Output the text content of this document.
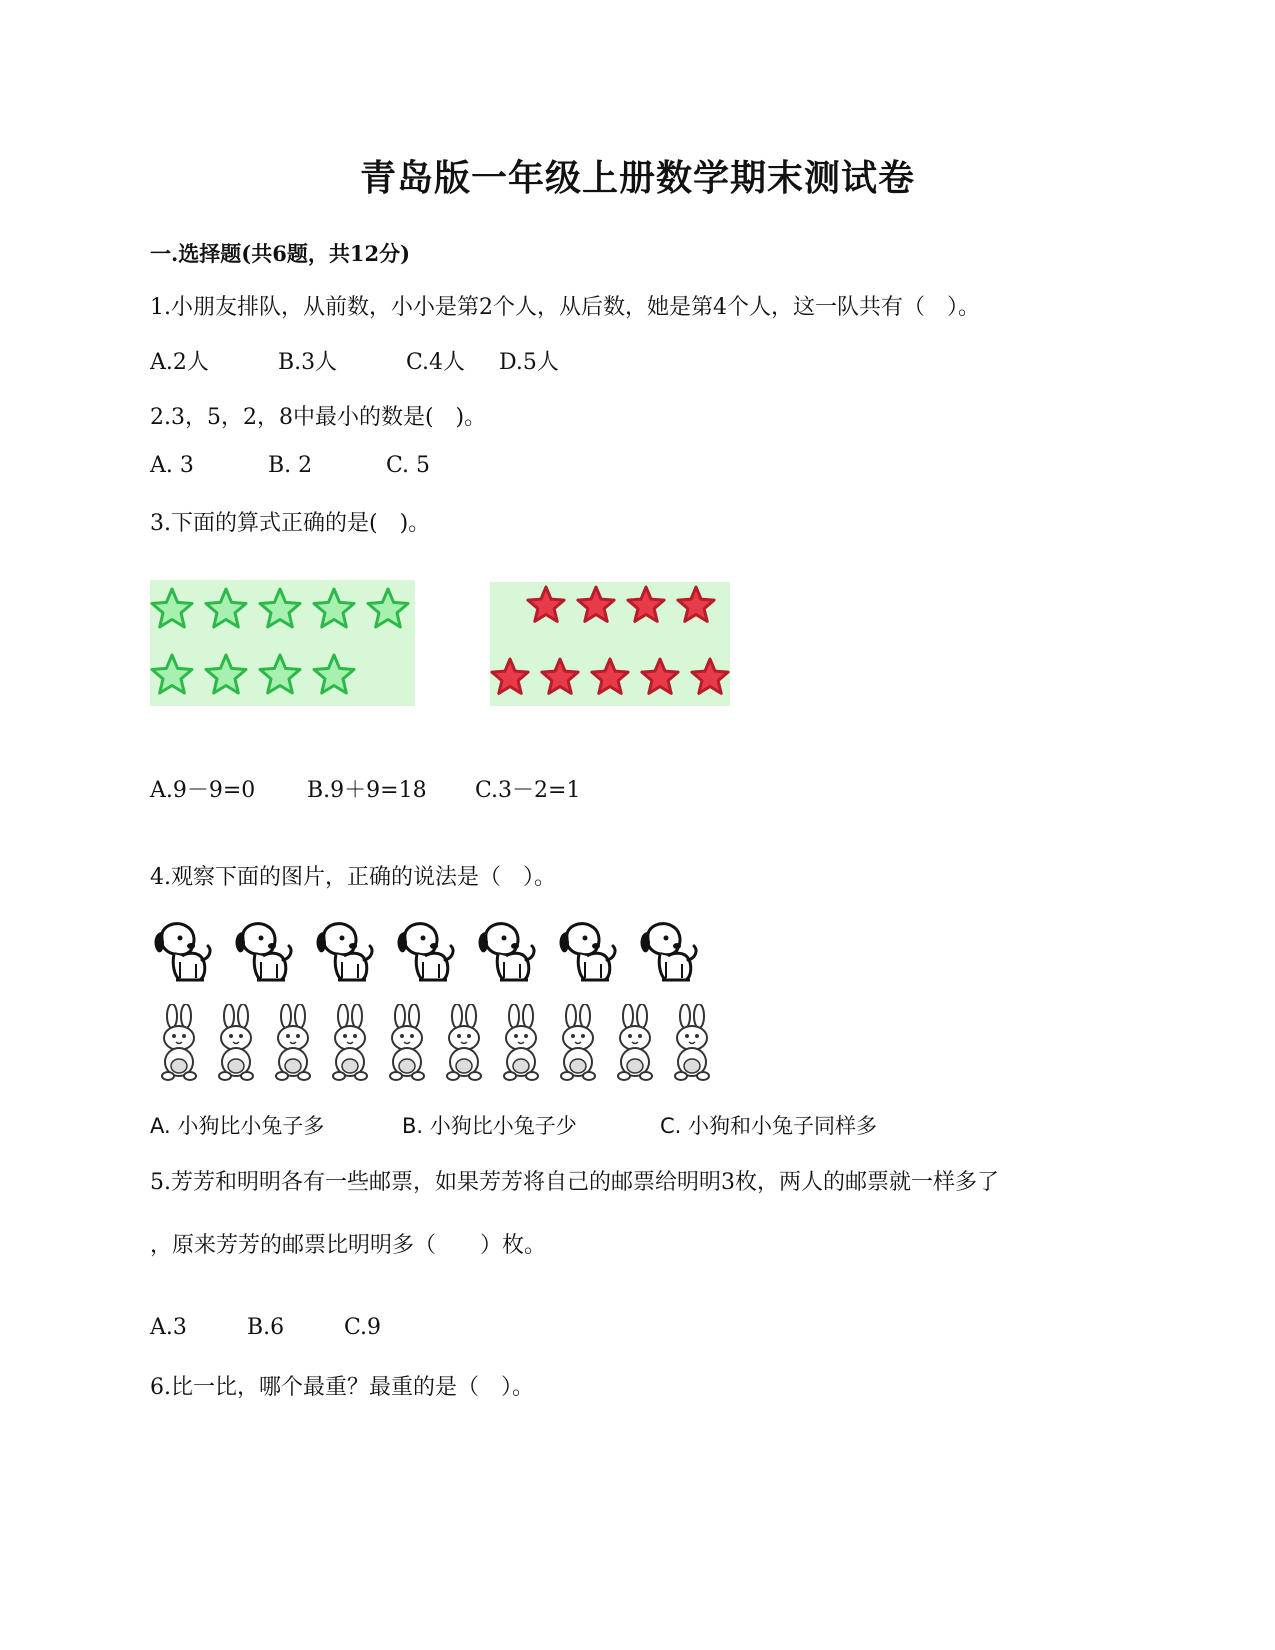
青岛版一年级上册数学期末测试卷
一.选择题(共6题，共12分)
1.小朋友排队，从前数，小小是第2个人，从后数，她是第4个人，这一队共有（　）。
A.2人	B.3人	C.4人 D.5人
2.3，5，2，8中最小的数是(　)。
A. 3	B. 2	C. 5
3.下面的算式正确的是(　)。
A.9－9=0 B.9＋9=18 C.3－2=1
4.观察下面的图片，正确的说法是（　）。
A. 小狗比小兔子多	B. 小狗比小兔子少	C. 小狗和小兔子同样多
5.芳芳和明明各有一些邮票，如果芳芳将自己的邮票给明明3枚，两人的邮票就一样多了
，原来芳芳的邮票比明明多（　　）枚。
A.3	B.6	C.9
6.比一比，哪个最重？最重的是（　）。
